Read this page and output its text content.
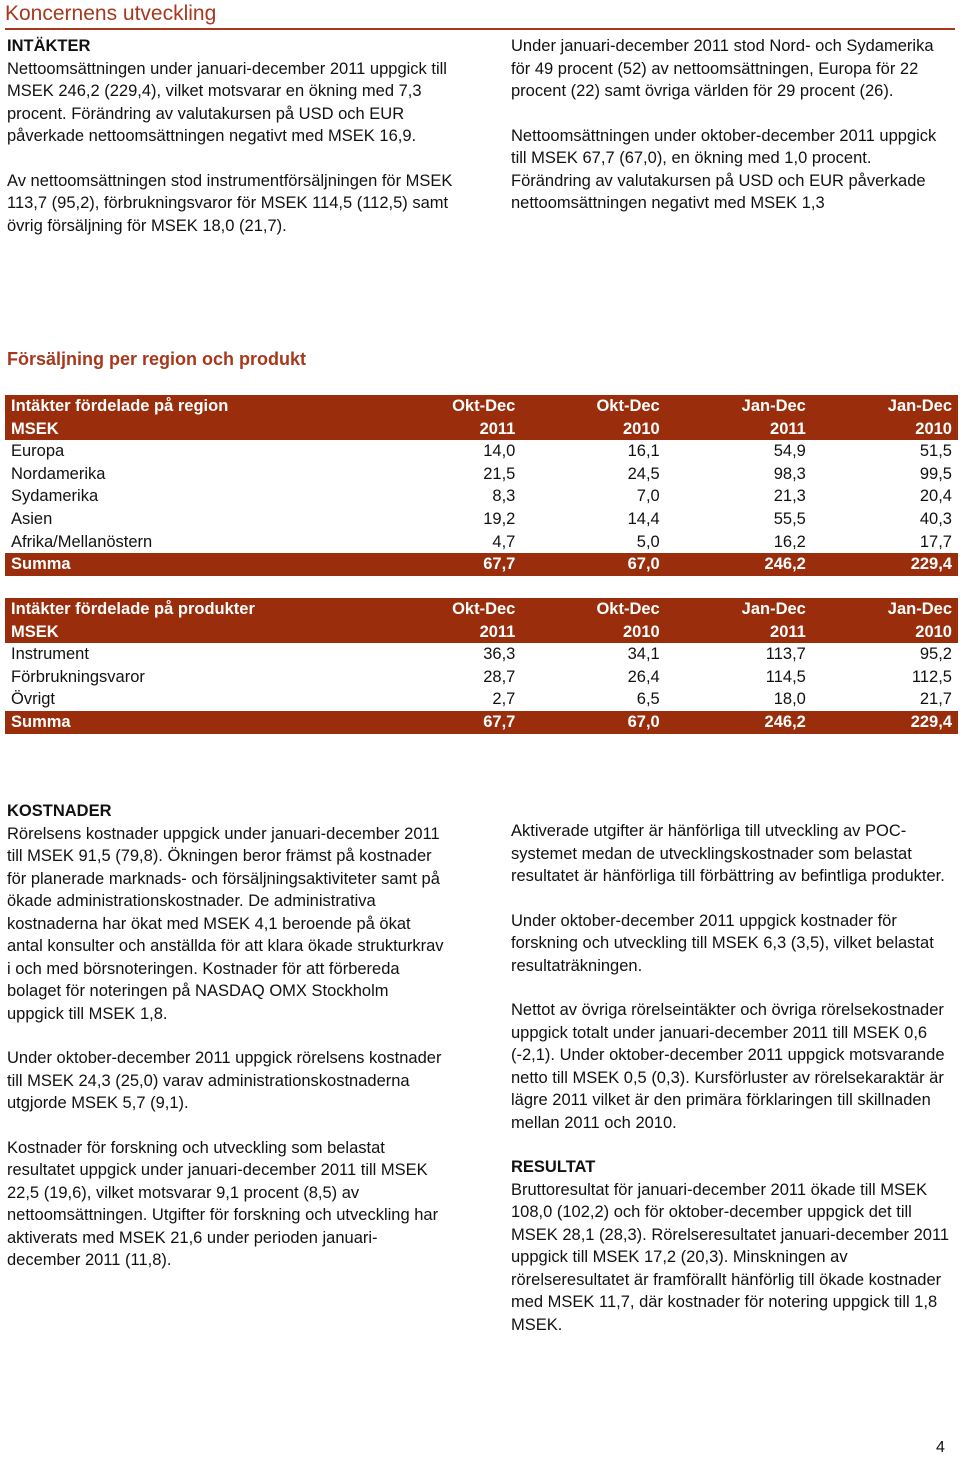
Koncernens utveckling
INTÄKTER

Nettoomsättningen under januari-december 2011 uppgick till MSEK 246,2 (229,4), vilket motsvarar en ökning med 7,3 procent. Förändring av valutakursen på USD och EUR påverkade nettoomsättningen negativt med MSEK 16,9.

Av nettoomsättningen stod instrumentförsäljningen för MSEK 113,7 (95,2), förbrukningsvaror för MSEK 114,5 (112,5) samt övrig försäljning för MSEK 18,0 (21,7).

Under januari-december 2011 stod Nord- och Sydamerika för 49 procent (52) av nettoomsättningen, Europa för 22 procent (22) samt övriga världen för 29 procent (26).

Nettoomsättningen under oktober-december 2011 uppgick till MSEK 67,7 (67,0), en ökning med 1,0 procent. Förändring av valutakursen på USD och EUR påverkade nettoomsättningen negativt med MSEK 1,3

Försäljning per region och produkt
Intäkter fördelade på region	Okt-Dec	Okt-Dec	Jan-Dec	Jan-Dec
MSEK	2011	2010	2011	2010
Europa	14,0	16,1	54,9	51,5
Nordamerika	21,5	24,5	98,3	99,5
Sydamerika	8,3	7,0	21,3	20,4
Asien	19,2	14,4	55,5	40,3
Afrika/Mellanöstern	4,7	5,0	16,2	17,7
Summa	67,7	67,0	246,2	229,4
Intäkter fördelade på produkter	Okt-Dec	Okt-Dec	Jan-Dec	Jan-Dec
MSEK	2011	2010	2011	2010
Instrument	36,3	34,1	113,7	95,2
Förbrukningsvaror	28,7	26,4	114,5	112,5
Övrigt	2,7	6,5	18,0	21,7
Summa	67,7	67,0	246,2	229,4
KOSTNADER

Rörelsens kostnader uppgick under januari-december 2011 till MSEK 91,5 (79,8). Ökningen beror främst på kostnader för planerade marknads- och försäljningsaktiviteter samt på ökade administrationskostnader. De administrativa kostnaderna har ökat med MSEK 4,1 beroende på ökat antal konsulter och anställda för att klara ökade strukturkrav i och med börsnoteringen. Kostnader för att förbereda bolaget för noteringen på NASDAQ OMX Stockholm uppgick till MSEK 1,8.

Under oktober-december 2011 uppgick rörelsens kostnader till MSEK 24,3 (25,0) varav administrationskostnaderna utgjorde MSEK 5,7 (9,1).

Kostnader för forskning och utveckling som belastat resultatet uppgick under januari-december 2011 till MSEK 22,5 (19,6), vilket motsvarar 9,1 procent (8,5) av nettoomsättningen. Utgifter för forskning och utveckling har aktiverats med MSEK 21,6 under perioden januari-december 2011 (11,8).

Aktiverade utgifter är hänförliga till utveckling av POC-systemet medan de utvecklingskostnader som belastat resultatet är hänförliga till förbättring av befintliga produkter.

Under oktober-december 2011 uppgick kostnader för forskning och utveckling till MSEK 6,3 (3,5), vilket belastat resultaträkningen.

Nettot av övriga rörelseintäkter och övriga rörelsekostnader uppgick totalt under januari-december 2011 till MSEK 0,6 (-2,1). Under oktober-december 2011 uppgick motsvarande netto till MSEK 0,5 (0,3). Kursförluster av rörelsekaraktär är lägre 2011 vilket är den primära förklaringen till skillnaden mellan 2011 och 2010.

RESULTAT

Bruttoresultat för januari-december 2011 ökade till MSEK 108,0 (102,2) och för oktober-december uppgick det till MSEK 28,1 (28,3). Rörelseresultatet januari-december 2011 uppgick till MSEK 17,2 (20,3). Minskningen av rörelseresultatet är framförallt hänförlig till ökade kostnader med MSEK 11,7, där kostnader för notering uppgick till 1,8 MSEK.

4
